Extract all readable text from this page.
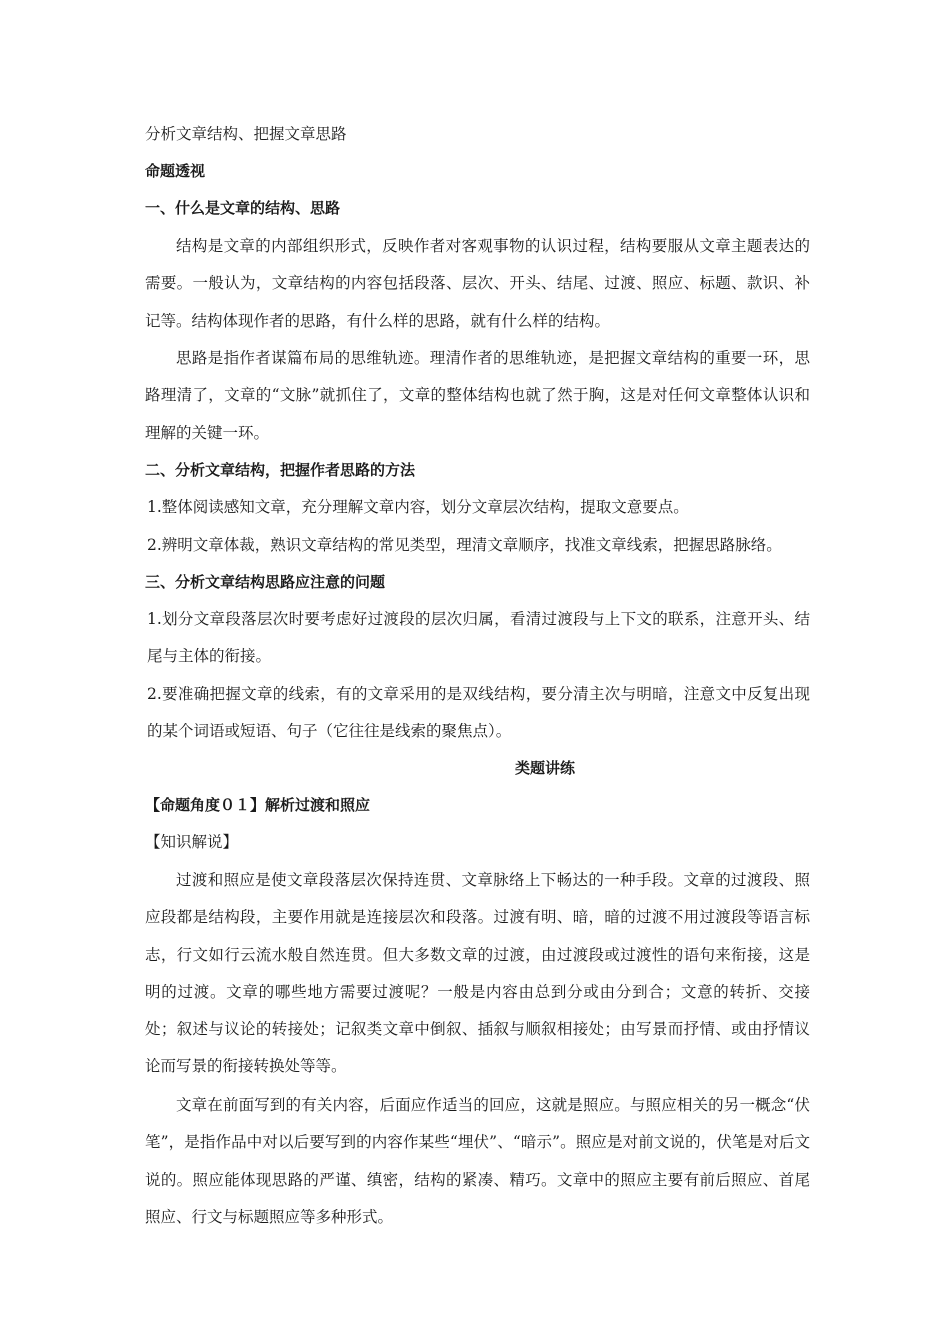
分析文章结构、把握文章思路
命题透视
一、什么是文章的结构、思路

结构是文章的内部组织形式，反映作者对客观事物的认识过程，结构要服从文章主题表达的需要。一般认为，文章结构的内容包括段落、层次、开头、结尾、过渡、照应、标题、款识、补记等。结构体现作者的思路，有什么样的思路，就有什么样的结构。

思路是指作者谋篇布局的思维轨迹。理清作者的思维轨迹，是把握文章结构的重要一环，思路理清了，文章的“文脉”就抓住了，文章的整体结构也就了然于胸，这是对任何文章整体认识和理解的关键一环。

二、分析文章结构，把握作者思路的方法

1.整体阅读感知文章，充分理解文章内容，划分文章层次结构，提取文意要点。

2.辨明文章体裁，熟识文章结构的常见类型，理清文章顺序，找准文章线索，把握思路脉络。

三、分析文章结构思路应注意的问题

1.划分文章段落层次时要考虑好过渡段的层次归属，看清过渡段与上下文的联系，注意开头、结尾与主体的衔接。

2.要准确把握文章的线索，有的文章采用的是双线结构，要分清主次与明暗，注意文中反复出现的某个词语或短语、句子（它往往是线索的聚焦点）。

类题讲练
【命题角度０１】解析过渡和照应
【知识解说】

过渡和照应是使文章段落层次保持连贯、文章脉络上下畅达的一种手段。文章的过渡段、照应段都是结构段，主要作用就是连接层次和段落。过渡有明、暗，暗的过渡不用过渡段等语言标志，行文如行云流水般自然连贯。但大多数文章的过渡，由过渡段或过渡性的语句来衔接，这是明的过渡。文章的哪些地方需要过渡呢？一般是内容由总到分或由分到合；文意的转折、交接处；叙述与议论的转接处；记叙类文章中倒叙、插叙与顺叙相接处；由写景而抒情、或由抒情议论而写景的衔接转换处等等。

文章在前面写到的有关内容，后面应作适当的回应，这就是照应。与照应相关的另一概念“伏笔”，是指作品中对以后要写到的内容作某些“埋伏”、“暗示”。照应是对前文说的，伏笔是对后文说的。照应能体现思路的严谨、缜密，结构的紧凑、精巧。文章中的照应主要有前后照应、首尾照应、行文与标题照应等多种形式。
